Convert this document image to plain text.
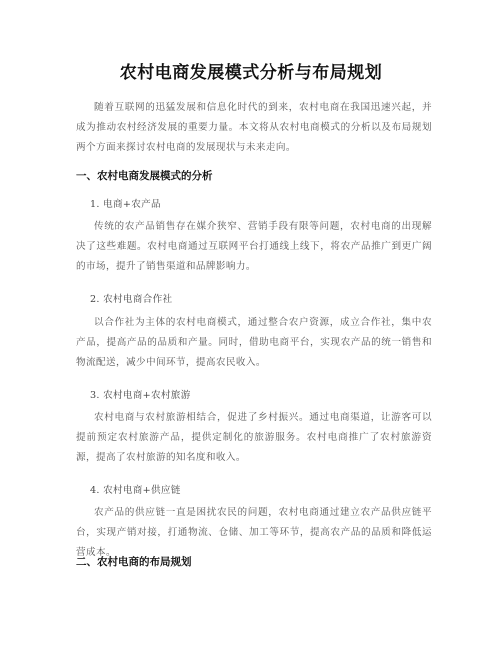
农村电商发展模式分析与布局规划
随着互联网的迅猛发展和信息化时代的到来，农村电商在我国迅速兴起，并成为推动农村经济发展的重要力量。本文将从农村电商模式的分析以及布局规划两个方面来探讨农村电商的发展现状与未来走向。
一、农村电商发展模式的分析
1. 电商+农产品
传统的农产品销售存在媒介狭窄、营销手段有限等问题，农村电商的出现解决了这些难题。农村电商通过互联网平台打通线上线下，将农产品推广到更广阔的市场，提升了销售渠道和品牌影响力。
2. 农村电商合作社
以合作社为主体的农村电商模式，通过整合农户资源，成立合作社，集中农产品，提高产品的品质和产量。同时，借助电商平台，实现农产品的统一销售和物流配送，减少中间环节，提高农民收入。
3. 农村电商+农村旅游
农村电商与农村旅游相结合，促进了乡村振兴。通过电商渠道，让游客可以提前预定农村旅游产品，提供定制化的旅游服务。农村电商推广了农村旅游资源，提高了农村旅游的知名度和收入。
4. 农村电商+供应链
农产品的供应链一直是困扰农民的问题，农村电商通过建立农产品供应链平台，实现产销对接，打通物流、仓储、加工等环节，提高农产品的品质和降低运营成本。
二、农村电商的布局规划
